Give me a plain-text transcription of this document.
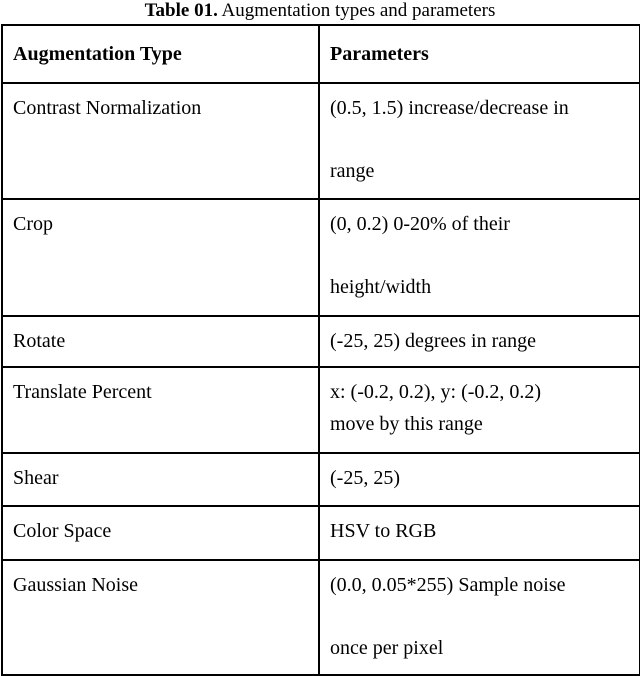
Table 01. Augmentation types and parameters
Augmentation Type	Parameters
Contrast Normalization	(0.5, 1.5) increase/decrease in
range
Crop	(0, 0.2) 0-20% of their
height/width
Rotate	(-25, 25) degrees in range
Translate Percent	x: (-0.2, 0.2), y: (-0.2, 0.2)
move by this range
Shear	(-25, 25)
Color Space	HSV to RGB
Gaussian Noise	(0.0, 0.05*255) Sample noise
once per pixel
